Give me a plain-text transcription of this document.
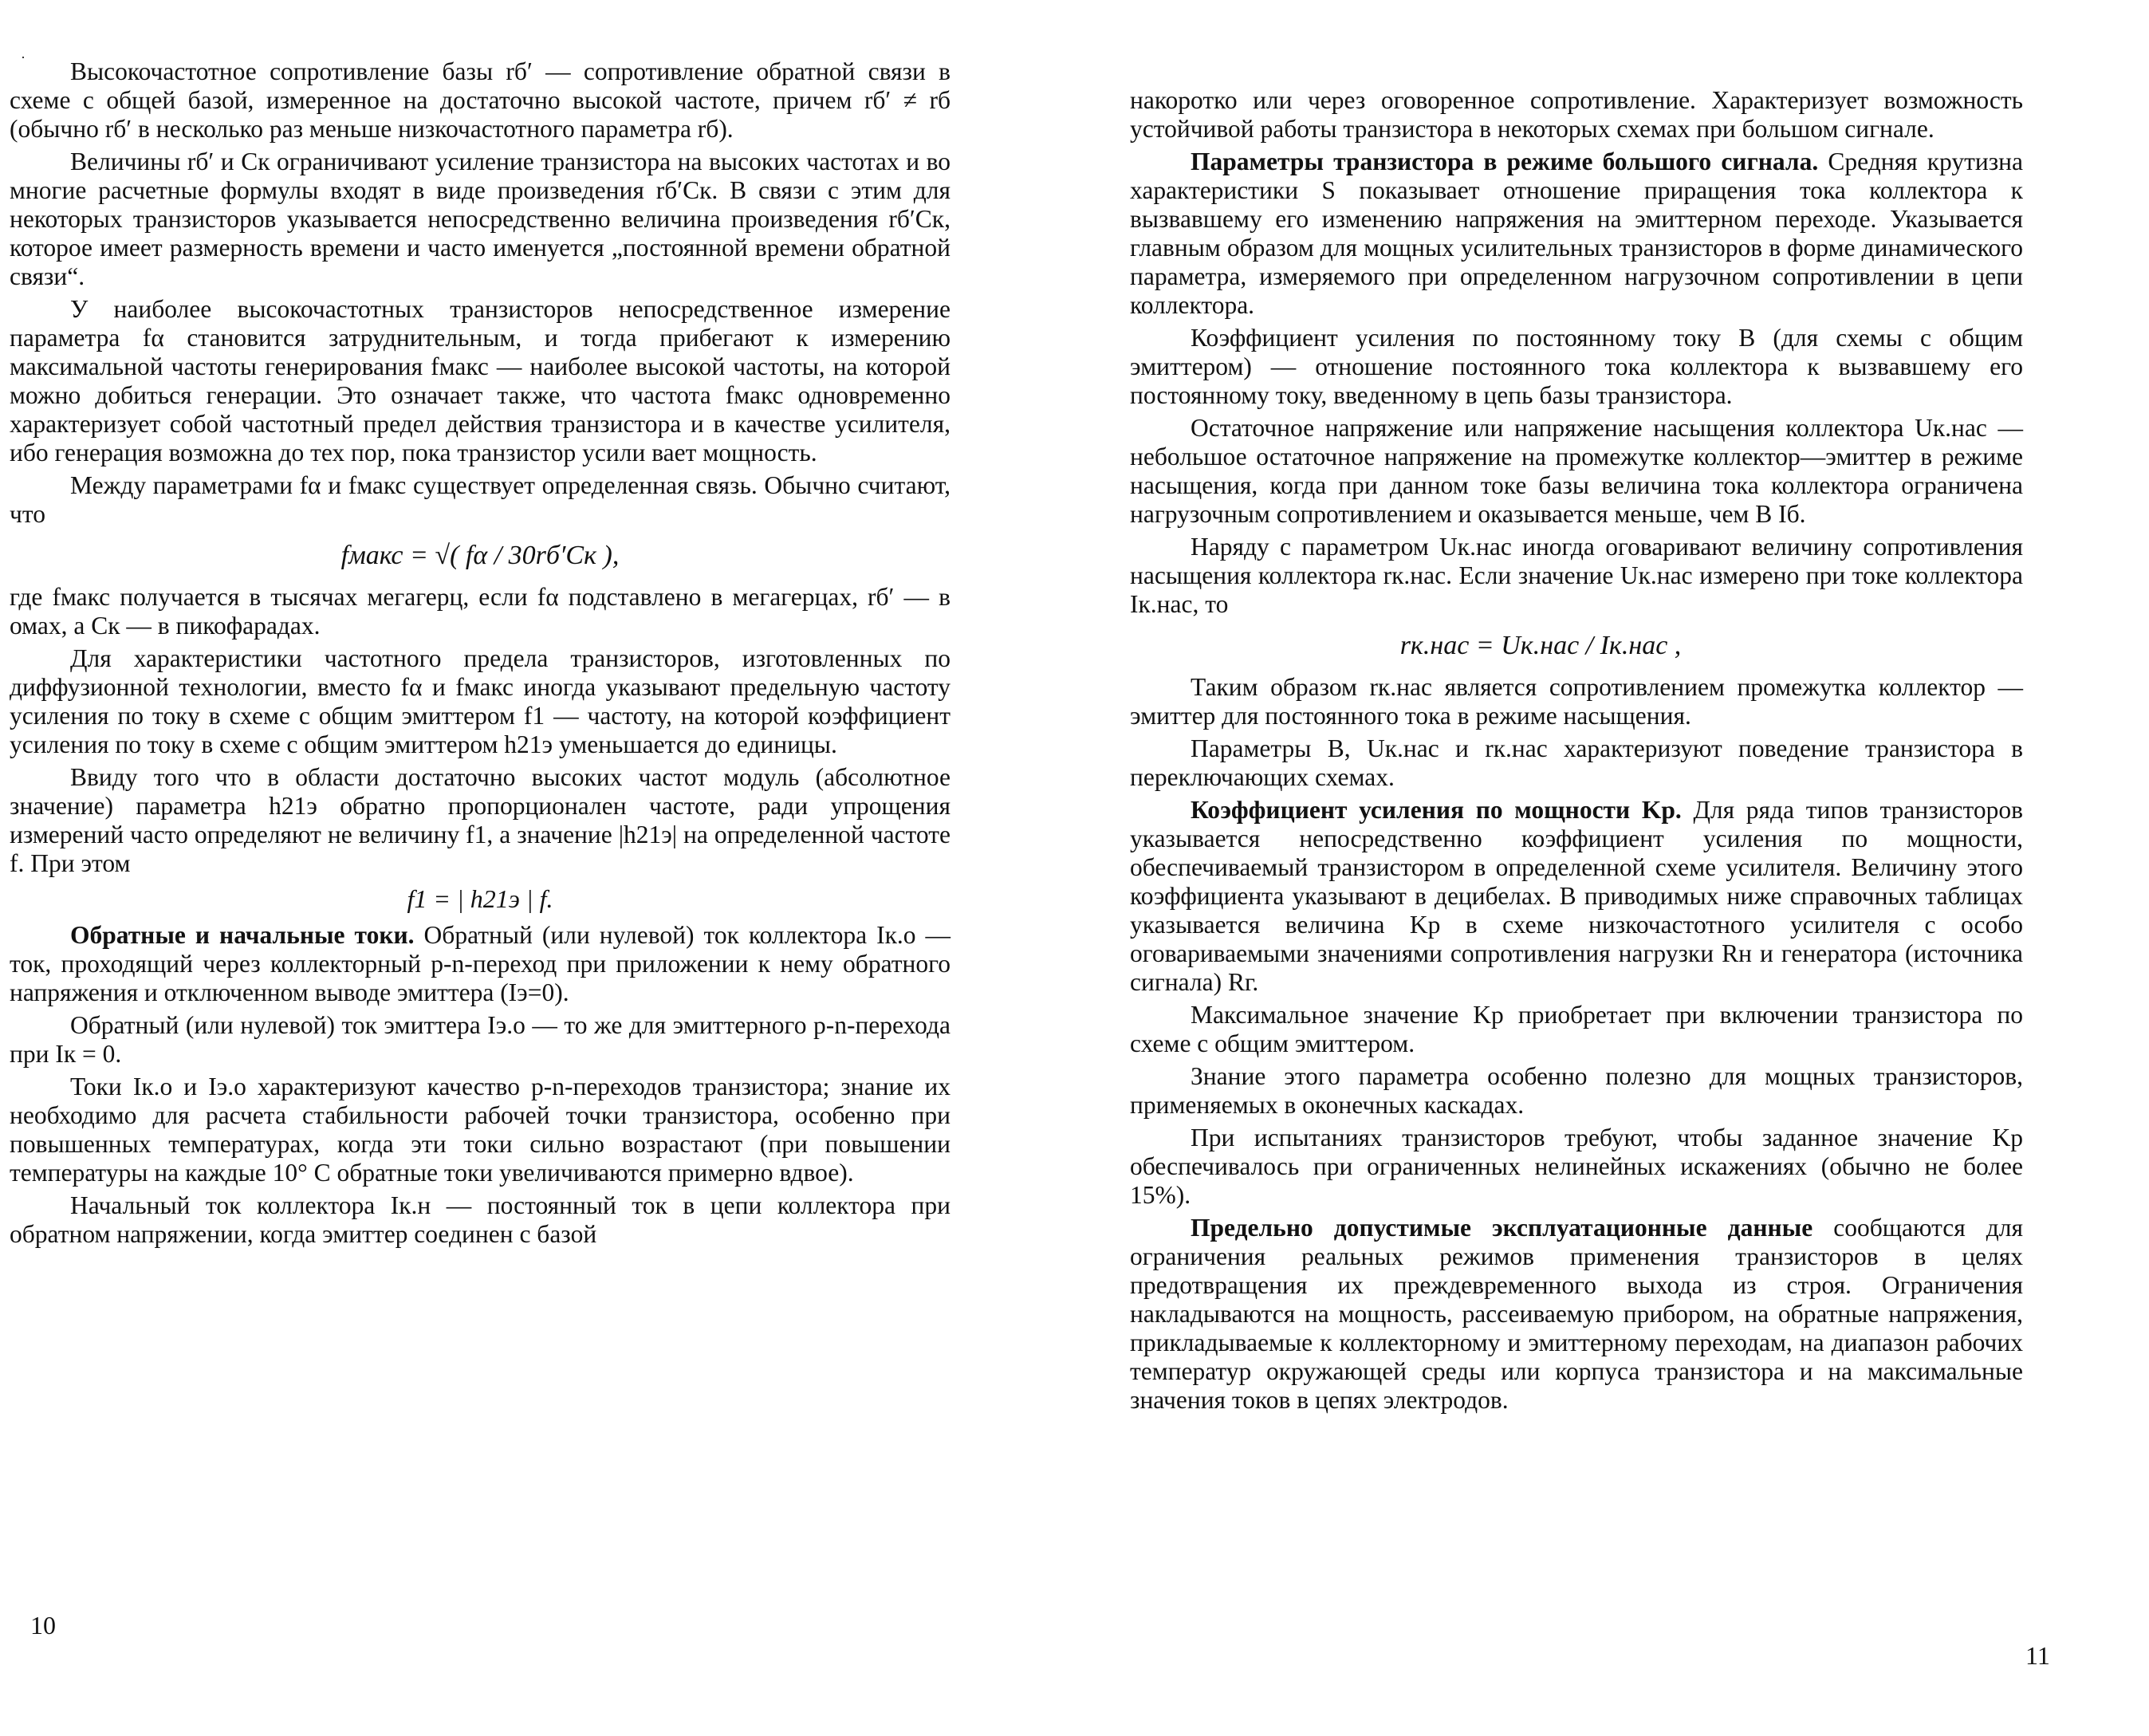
·	Высокочастотное сопротивление базы rб′ — сопротивление обратной связи в схеме с общей базой, измеренное на достаточно высокой частоте, причем rб′ ≠ rб (обычно rб′ в несколько раз меньше низкочастотного параметра rб).

Величины rб′ и Cк ограничивают усиление транзистора на высоких частотах и во многие расчетные формулы входят в виде произведения rб′Cк. В связи с этим для некоторых транзисторов указывается непосредственно величина произведения rб′Cк, которое имеет размерность времени и часто именуется „постоянной времени обратной связи“.

У наиболее высокочастотных транзисторов непосредственное измерение параметра fα становится затруднительным, и тогда прибегают к измерению максимальной частоты генерирования fмакс — наиболее высокой частоты, на которой можно добиться генерации. Это означает также, что частота fмакс одновременно характеризует собой частотный предел действия транзистора и в качестве усилителя, ибо генерация возможна до тех пор, пока транзистор усили вает мощность.

Между параметрами fα и fмакс существует определенная связь. Обычно считают, что

fмакс = √( fα / 30rб′Cк ),

где fмакс получается в тысячах мегагерц, если fα подставлено в мегагерцах, rб′ — в омах, а Cк — в пикофарадах.

Для характеристики частотного предела транзисторов, изготовленных по диффузионной технологии, вместо fα и fмакс иногда указывают предельную частоту усиления по току в схеме с общим эмиттером f1 — частоту, на которой коэффициент усиления по току в схеме с общим эмиттером h21э уменьшается до единицы.

Ввиду того что в области достаточно высоких частот модуль (абсолютное значение) параметра h21э обратно пропорционален частоте, ради упрощения измерений часто определяют не величину f1, а значение |h21э| на определенной частоте f. При этом

f1 = | h21э | f.

Обратные и начальные токи. Обратный (или нулевой) ток коллектора Iк.о — ток, проходящий через коллекторный p-n-переход при приложении к нему обратного напряжения и отключенном выводе эмиттера (Iэ=0).

Обратный (или нулевой) ток эмиттера Iэ.о — то же для эмиттерного p-n-перехода при Iк = 0.

Токи Iк.о и Iэ.о характеризуют качество p-n-переходов транзистора; знание их необходимо для расчета стабильности рабочей точки транзистора, особенно при повышенных температурах, когда эти токи сильно возрастают (при повышении температуры на каждые 10° С обратные токи увеличиваются примерно вдвое).

Начальный ток коллектора Iк.н — постоянный ток в цепи коллектора при обратном напряжении, когда эмиттер соединен с базой

10

накоротко или через оговоренное сопротивление. Характеризует возможность устойчивой работы транзистора в некоторых схемах при большом сигнале.

Параметры транзистора в режиме большого сигнала. Средняя крутизна характеристики S показывает отношение приращения тока коллектора к вызвавшему его изменению напряжения на эмиттерном переходе. Указывается главным образом для мощных усилительных транзисторов в форме динамического параметра, измеряемого при определенном нагрузочном сопротивлении в цепи коллектора.

Коэффициент усиления по постоянному току B (для схемы с общим эмиттером) — отношение постоянного тока коллектора к вызвавшему его постоянному току, введенному в цепь базы транзистора.

Остаточное напряжение или напряжение насыщения коллектора Uк.нас — небольшое остаточное напряжение на промежутке коллектор—эмиттер в режиме насыщения, когда при данном токе базы величина тока коллектора ограничена нагрузочным сопротивлением и оказывается меньше, чем B Iб.

Наряду с параметром Uк.нас иногда оговаривают величину сопротивления насыщения коллектора rк.нас. Если значение Uк.нас измерено при токе коллектора Iк.нас, то

rк.нас = Uк.нас / Iк.нас ,

Таким образом rк.нас является сопротивлением промежутка коллектор — эмиттер для постоянного тока в режиме насыщения.

Параметры B, Uк.нас и rк.нас характеризуют поведение транзистора в переключающих схемах.

Коэффициент усиления по мощности Kр. Для ряда типов транзисторов указывается непосредственно коэффициент усиления по мощности, обеспечиваемый транзистором в определенной схеме усилителя. Величину этого коэффициента указывают в децибелах. В приводимых ниже справочных таблицах указывается величина Kр в схеме низкочастотного усилителя с особо оговариваемыми значениями сопротивления нагрузки Rн и генератора (источника сигнала) Rг.

Максимальное значение Kр приобретает при включении транзистора по схеме с общим эмиттером.

Знание этого параметра особенно полезно для мощных транзисторов, применяемых в оконечных каскадах.

При испытаниях транзисторов требуют, чтобы заданное значение Kр обеспечивалось при ограниченных нелинейных искажениях (обычно не более 15%).

Предельно допустимые эксплуатационные данные сообщаются для ограничения реальных режимов применения транзисторов в целях предотвращения их преждевременного выхода из строя. Ограничения накладываются на мощность, рассеиваемую прибором, на обратные напряжения, прикладываемые к коллекторному и эмиттерному переходам, на диапазон рабочих температур окружающей среды или корпуса транзистора и на максимальные значения токов в цепях электродов.

11
